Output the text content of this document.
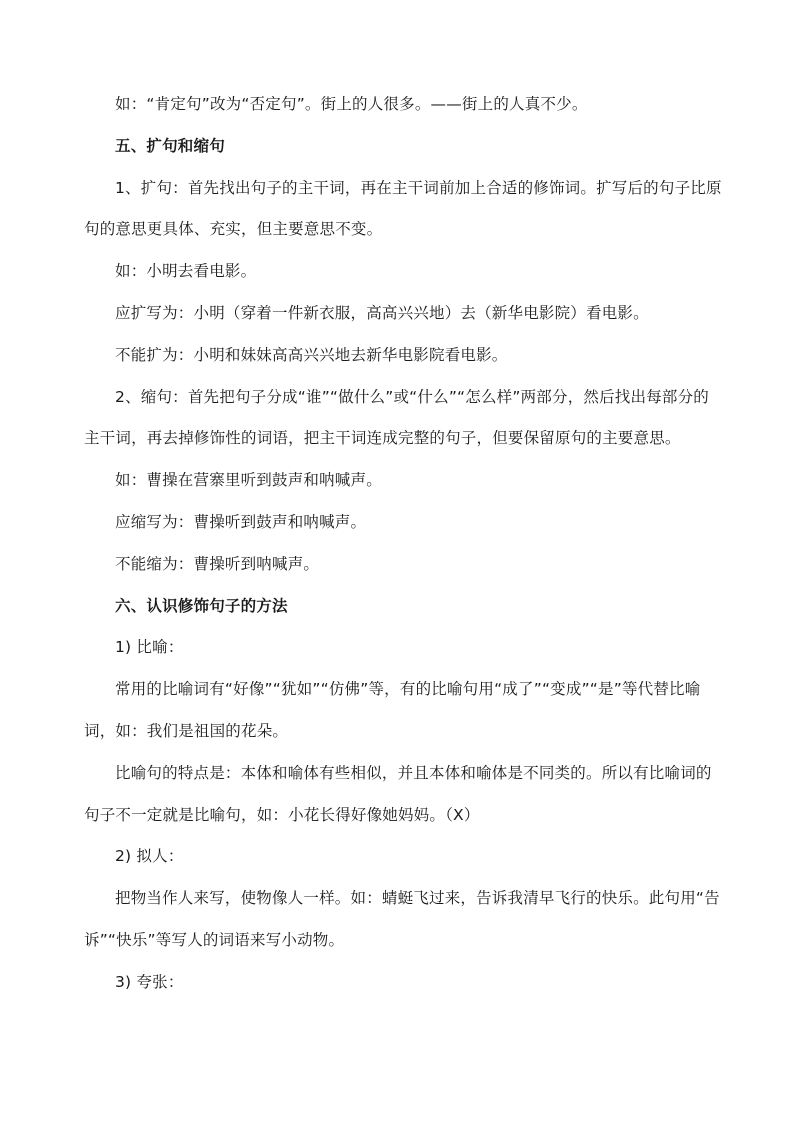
如：“肯定句”改为“否定句”。街上的人很多。——街上的人真不少。

五、扩句和缩句

1、扩句：首先找出句子的主干词，再在主干词前加上合适的修饰词。扩写后的句子比原句的意思更具体、充实，但主要意思不变。

如：小明去看电影。

应扩写为：小明（穿着一件新衣服，高高兴兴地）去（新华电影院）看电影。

不能扩为：小明和妹妹高高兴兴地去新华电影院看电影。

2、缩句：首先把句子分成“谁”“做什么”或“什么”“怎么样”两部分，然后找出每部分的主干词，再去掉修饰性的词语，把主干词连成完整的句子，但要保留原句的主要意思。

如：曹操在营寨里听到鼓声和呐喊声。

应缩写为：曹操听到鼓声和呐喊声。

不能缩为：曹操听到呐喊声。

六、认识修饰句子的方法

1) 比喻：

常用的比喻词有“好像”“犹如”“仿佛”等，有的比喻句用“成了”“变成”“是”等代替比喻词，如：我们是祖国的花朵。

比喻句的特点是：本体和喻体有些相似，并且本体和喻体是不同类的。所以有比喻词的句子不一定就是比喻句，如：小花长得好像她妈妈。（X）

2) 拟人：

把物当作人来写，使物像人一样。如：蜻蜓飞过来，告诉我清早飞行的快乐。此句用“告诉”“快乐”等写人的词语来写小动物。

3) 夸张：
